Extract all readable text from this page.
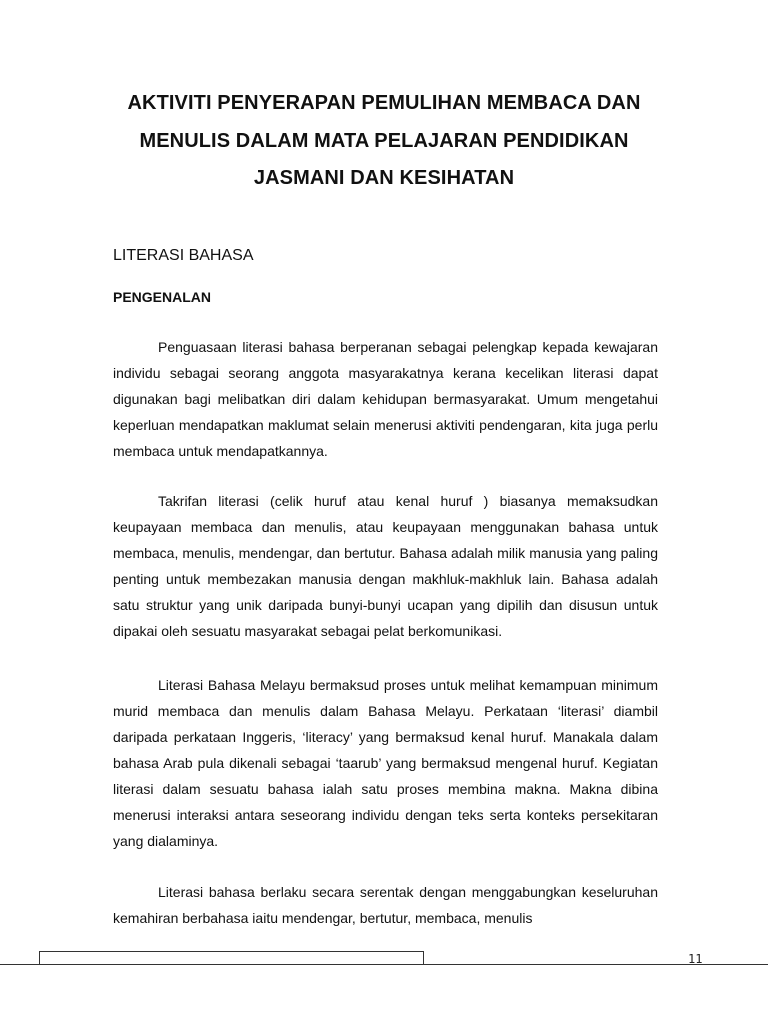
AKTIVITI PENYERAPAN PEMULIHAN MEMBACA DAN MENULIS DALAM MATA PELAJARAN PENDIDIKAN JASMANI DAN KESIHATAN
LITERASI BAHASA
PENGENALAN

Penguasaan literasi bahasa berperanan sebagai pelengkap kepada kewajaran individu sebagai seorang anggota masyarakatnya kerana kecelikan literasi dapat digunakan bagi melibatkan diri dalam kehidupan bermasyarakat. Umum mengetahui keperluan mendapatkan maklumat selain menerusi aktiviti pendengaran, kita juga perlu membaca untuk mendapatkannya.

Takrifan literasi (celik huruf atau kenal huruf ) biasanya memaksudkan keupayaan membaca dan menulis, atau keupayaan menggunakan bahasa untuk membaca, menulis, mendengar, dan bertutur. Bahasa adalah milik manusia yang paling penting untuk membezakan manusia dengan makhluk-makhluk lain. Bahasa adalah satu struktur yang unik daripada bunyi-bunyi ucapan yang dipilih dan disusun untuk dipakai oleh sesuatu masyarakat sebagai pelat berkomunikasi.

Literasi Bahasa Melayu bermaksud proses untuk melihat kemampuan minimum murid membaca dan menulis dalam Bahasa Melayu. Perkataan ‘literasi’ diambil daripada perkataan Inggeris, ‘literacy’ yang bermaksud kenal huruf. Manakala dalam bahasa Arab pula dikenali sebagai ‘taarub’ yang bermaksud mengenal huruf. Kegiatan literasi dalam sesuatu bahasa ialah satu proses membina makna. Makna dibina menerusi interaksi antara seseorang individu dengan teks serta konteks persekitaran yang dialaminya.

Literasi bahasa berlaku secara serentak dengan menggabungkan keseluruhan kemahiran berbahasa iaitu mendengar, bertutur, membaca, menulis

11
